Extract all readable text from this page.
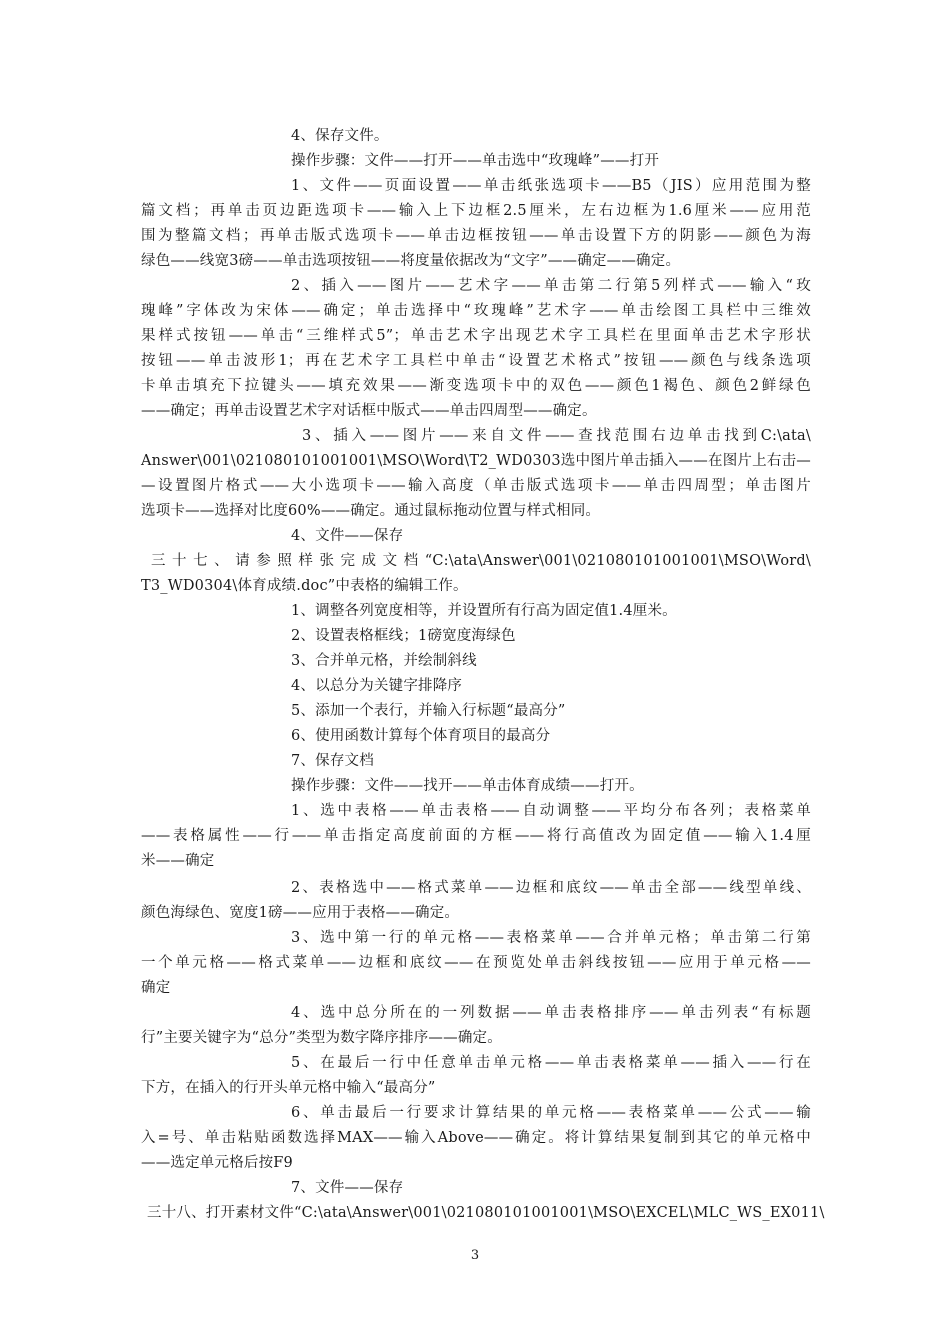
4、保存文件。
操作步骤：文件——打开——单击选中“玫瑰峰”——打开
1、文件——页面设置——单击纸张选项卡——B5（JIS）应用范围为整
篇文档；再单击页边距选项卡——输入上下边框2.5厘米，左右边框为1.6厘米——应用范
围为整篇文档；再单击版式选项卡——单击边框按钮——单击设置下方的阴影——颜色为海
绿色——线宽3磅——单击选项按钮——将度量依据改为“文字”——确定——确定。
2、插入——图片——艺术字——单击第二行第5列样式——输入“玫
瑰峰”字体改为宋体——确定；单击选择中“玫瑰峰”艺术字——单击绘图工具栏中三维效
果样式按钮——单击“三维样式5”；单击艺术字出现艺术字工具栏在里面单击艺术字形状
按钮——单击波形1；再在艺术字工具栏中单击“设置艺术格式”按钮——颜色与线条选项
卡单击填充下拉键头——填充效果——渐变选项卡中的双色——颜色1褐色、颜色2鲜绿色
——确定；再单击设置艺术字对话框中版式——单击四周型——确定。
3、插入——图片——来自文件——查找范围右边单击找到C:\ata\
Answer\001\021080101001001\MSO\Word\T2_WD0303选中图片单击插入——在图片上右击—
—设置图片格式——大小选项卡——输入高度（单击版式选项卡——单击四周型；单击图片
选项卡——选择对比度60%——确定。通过鼠标拖动位置与样式相同。
4、文件——保存
三十七、请参照样张完成文档“C:\ata\Answer\001\021080101001001\MSO\Word\
T3_WD0304\体育成绩.doc”中表格的编辑工作。
1、调整各列宽度相等，并设置所有行高为固定值1.4厘米。
2、设置表格框线；1磅宽度海绿色
3、合并单元格，并绘制斜线
4、以总分为关键字排降序
5、添加一个表行，并输入行标题“最高分”
6、使用函数计算每个体育项目的最高分
7、保存文档
操作步骤：文件——找开——单击体育成绩——打开。
1、选中表格——单击表格——自动调整——平均分布各列；表格菜单
——表格属性——行——单击指定高度前面的方框——将行高值改为固定值——输入1.4厘
米——确定
2、表格选中——格式菜单——边框和底纹——单击全部——线型单线、
颜色海绿色、宽度1磅——应用于表格——确定。
3、选中第一行的单元格——表格菜单——合并单元格；单击第二行第
一个单元格——格式菜单——边框和底纹——在预览处单击斜线按钮——应用于单元格——
确定
4、选中总分所在的一列数据——单击表格排序——单击列表“有标题
行”主要关键字为“总分”类型为数字降序排序——确定。
5、在最后一行中任意单击单元格——单击表格菜单——插入——行在
下方，在插入的行开头单元格中输入“最高分”
6、单击最后一行要求计算结果的单元格——表格菜单——公式——输
入=号、单击粘贴函数选择MAX——输入Above——确定。将计算结果复制到其它的单元格中
——选定单元格后按F9
7、文件——保存
三十八、打开素材文件“C:\ata\Answer\001\021080101001001\MSO\EXCEL\MLC_WS_EX011\
3
